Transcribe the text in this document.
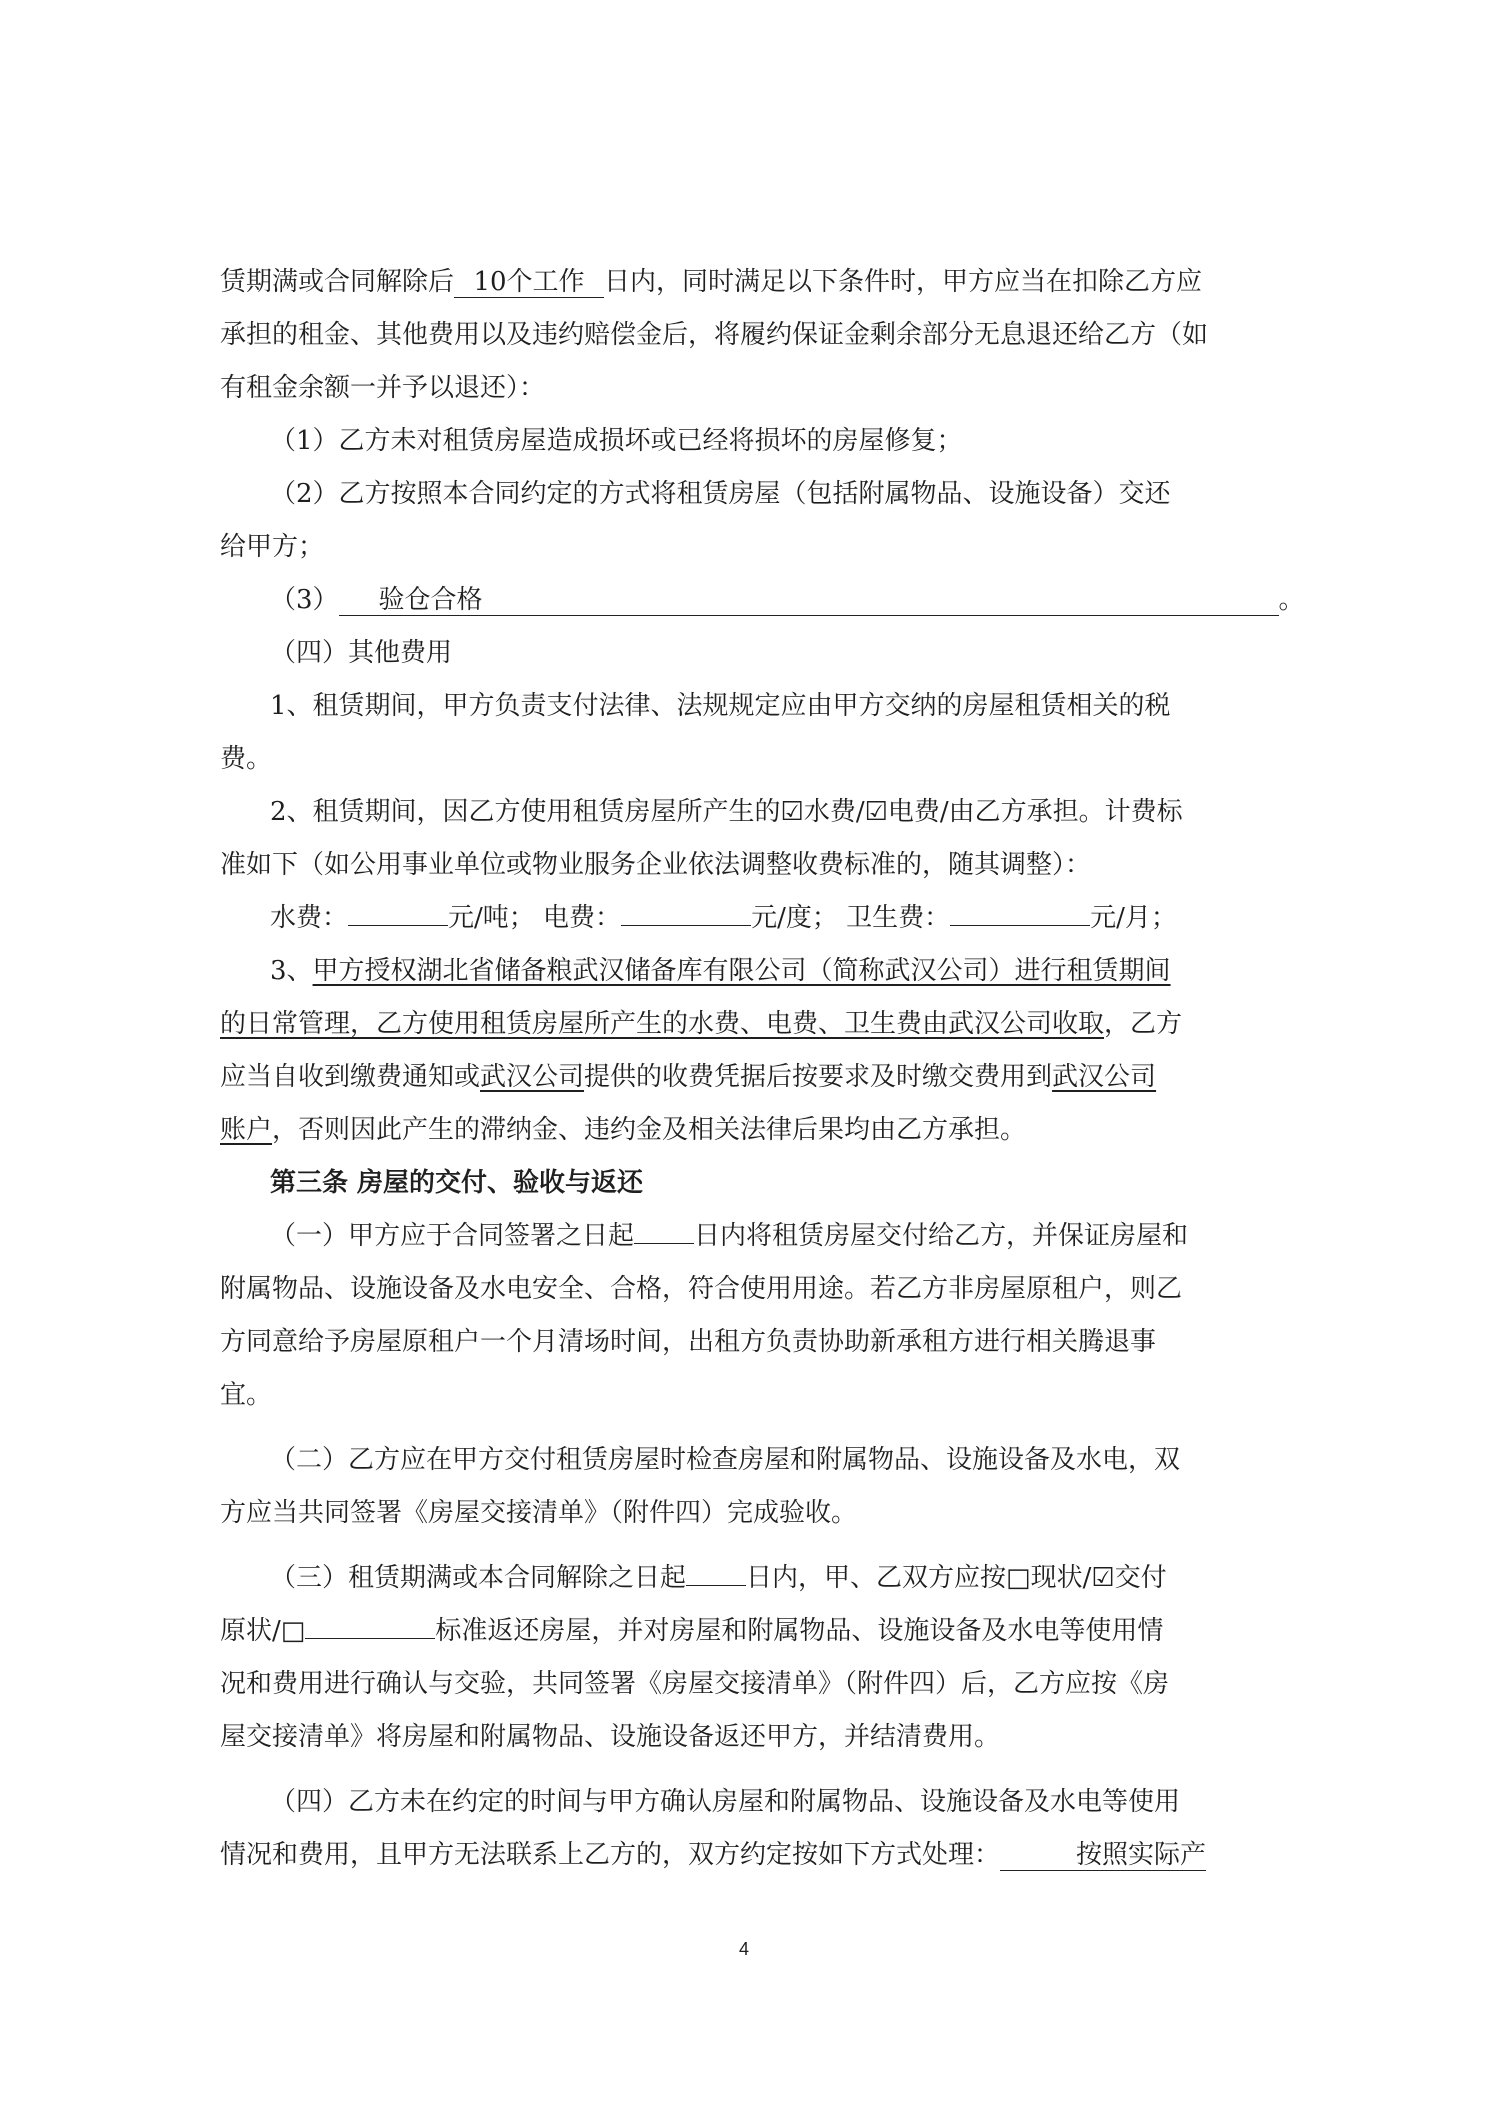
赁期满或合同解除后 10个工作 日内，同时满足以下条件时，甲方应当在扣除乙方应
承担的租金、其他费用以及违约赔偿金后，将履约保证金剩余部分无息退还给乙方（如
有租金余额一并予以退还）：
（1）乙方未对租赁房屋造成损坏或已经将损坏的房屋修复；
（2）乙方按照本合同约定的方式将租赁房屋（包括附属物品、设施设备）交还
给甲方；
（3） 验仓合格	。
（四）其他费用
1、租赁期间，甲方负责支付法律、法规规定应由甲方交纳的房屋租赁相关的税
费。
2、租赁期间，因乙方使用租赁房屋所产生的☑水费/☑电费/由乙方承担。计费标
准如下（如公用事业单位或物业服务企业依法调整收费标准的，随其调整）：
水费：	元/吨； 电费：	元/度； 卫生费：	元/月；
3、甲方授权湖北省储备粮武汉储备库有限公司（简称武汉公司）进行租赁期间
的日常管理，乙方使用租赁房屋所产生的水费、电费、卫生费由武汉公司收取，乙方
应当自收到缴费通知或武汉公司提供的收费凭据后按要求及时缴交费用到武汉公司
账户，否则因此产生的滞纳金、违约金及相关法律后果均由乙方承担。
第三条 房屋的交付、验收与返还
（一）甲方应于合同签署之日起 日内将租赁房屋交付给乙方，并保证房屋和
附属物品、设施设备及水电安全、合格，符合使用用途。若乙方非房屋原租户，则乙
方同意给予房屋原租户一个月清场时间，出租方负责协助新承租方进行相关腾退事
宜。
（二）乙方应在甲方交付租赁房屋时检查房屋和附属物品、设施设备及水电，双
方应当共同签署《房屋交接清单》（附件四）完成验收。
（三）租赁期满或本合同解除之日起 日内，甲、乙双方应按□现状/☑交付
原状/□	标准返还房屋，并对房屋和附属物品、设施设备及水电等使用情
况和费用进行确认与交验，共同签署《房屋交接清单》（附件四）后，乙方应按《房
屋交接清单》将房屋和附属物品、设施设备返还甲方，并结清费用。
（四）乙方未在约定的时间与甲方确认房屋和附属物品、设施设备及水电等使用
情况和费用，且甲方无法联系上乙方的，双方约定按如下方式处理：	按照实际产
4
